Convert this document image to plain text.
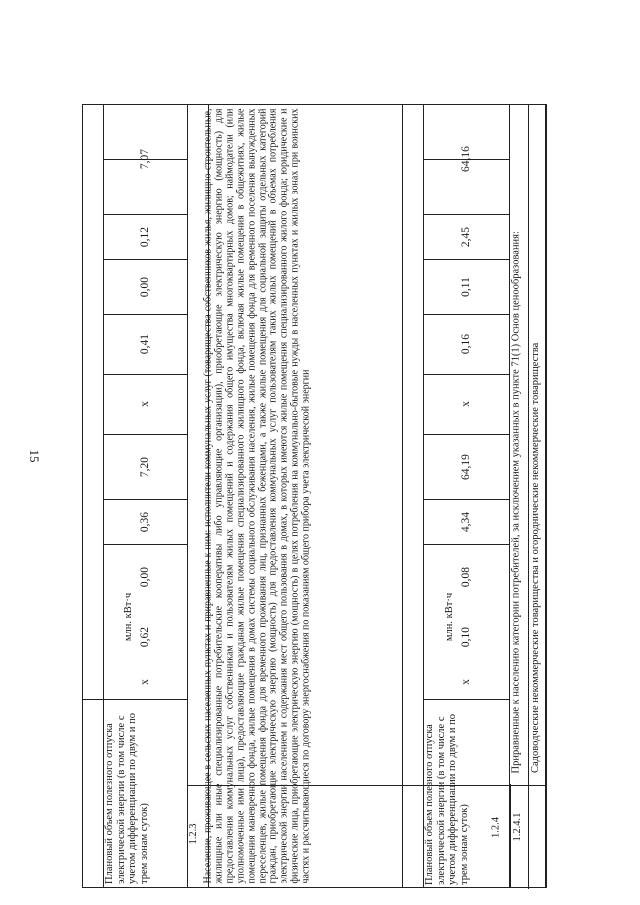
15
Плановый объем полезного отпуска электрической энергии (в том числе с учетом дифференциации по двум и по трем зонам суток)
млн. кВт·ч
х
0,62
0,00
0,36
7,20
х
0,41
0,00
0,12
7,07
1.2.3 Население, проживающее в сельских населенных пунктах и приравненные к ним: исполнители коммунальных услуг (товарищества собственников жилья, жилищно-строительные, жилищные или иные специализированные потребительские кооперативы либо управляющие организации), приобретающие электрическую энергию (мощность) для предоставления коммунальных услуг собственникам и пользователям жилых помещений и содержания общего имущества многоквартирных домов; наймодатели (или уполномоченные ими лица), предоставляющие гражданам жилые помещения специализированного жилищного фонда, включая жилые помещения в общежитиях, жилые помещения маневренного фонда, жилые помещения в домах системы социального обслуживания населения, жилые помещения фонда для временного поселения вынужденных переселенцев, жилые помещения фонда для временного проживания лиц, признанных беженцами, а также жилые помещения для социальной защиты отдельных категорий граждан, приобретающие электрическую энергию (мощность) для предоставления коммунальных услуг пользователям таких жилых помещений в объемах потребления электрической энергии населением и содержания мест общего пользования в домах, в которых имеются жилые помещения специализированного жилого фонда; юридические и физические лица, приобретающие электрическую энергию (мощность) в целях потребления на коммунально-бытовые нужды в населенных пунктах и жилых зонах при воинских частях и рассчитывающиеся по договору энергоснабжения по показаниям общего прибора учета электрической энергии	Плановый объем полезного отпуска электрической энергии (в том числе с учетом дифференциации по двум и по трем зонам суток)
млн. кВт·ч
х
0,10
0,08
4,34
64,19
х
0,16
0,11
2,45
64,16
1.2.4
Приравненные к населению категории потребителей, за исключением указанных в пункте 71(1) Основ ценообразования:
1.2.4.1
Садоводческие некоммерческие товарищества и огороднические некоммерческие товарищества
